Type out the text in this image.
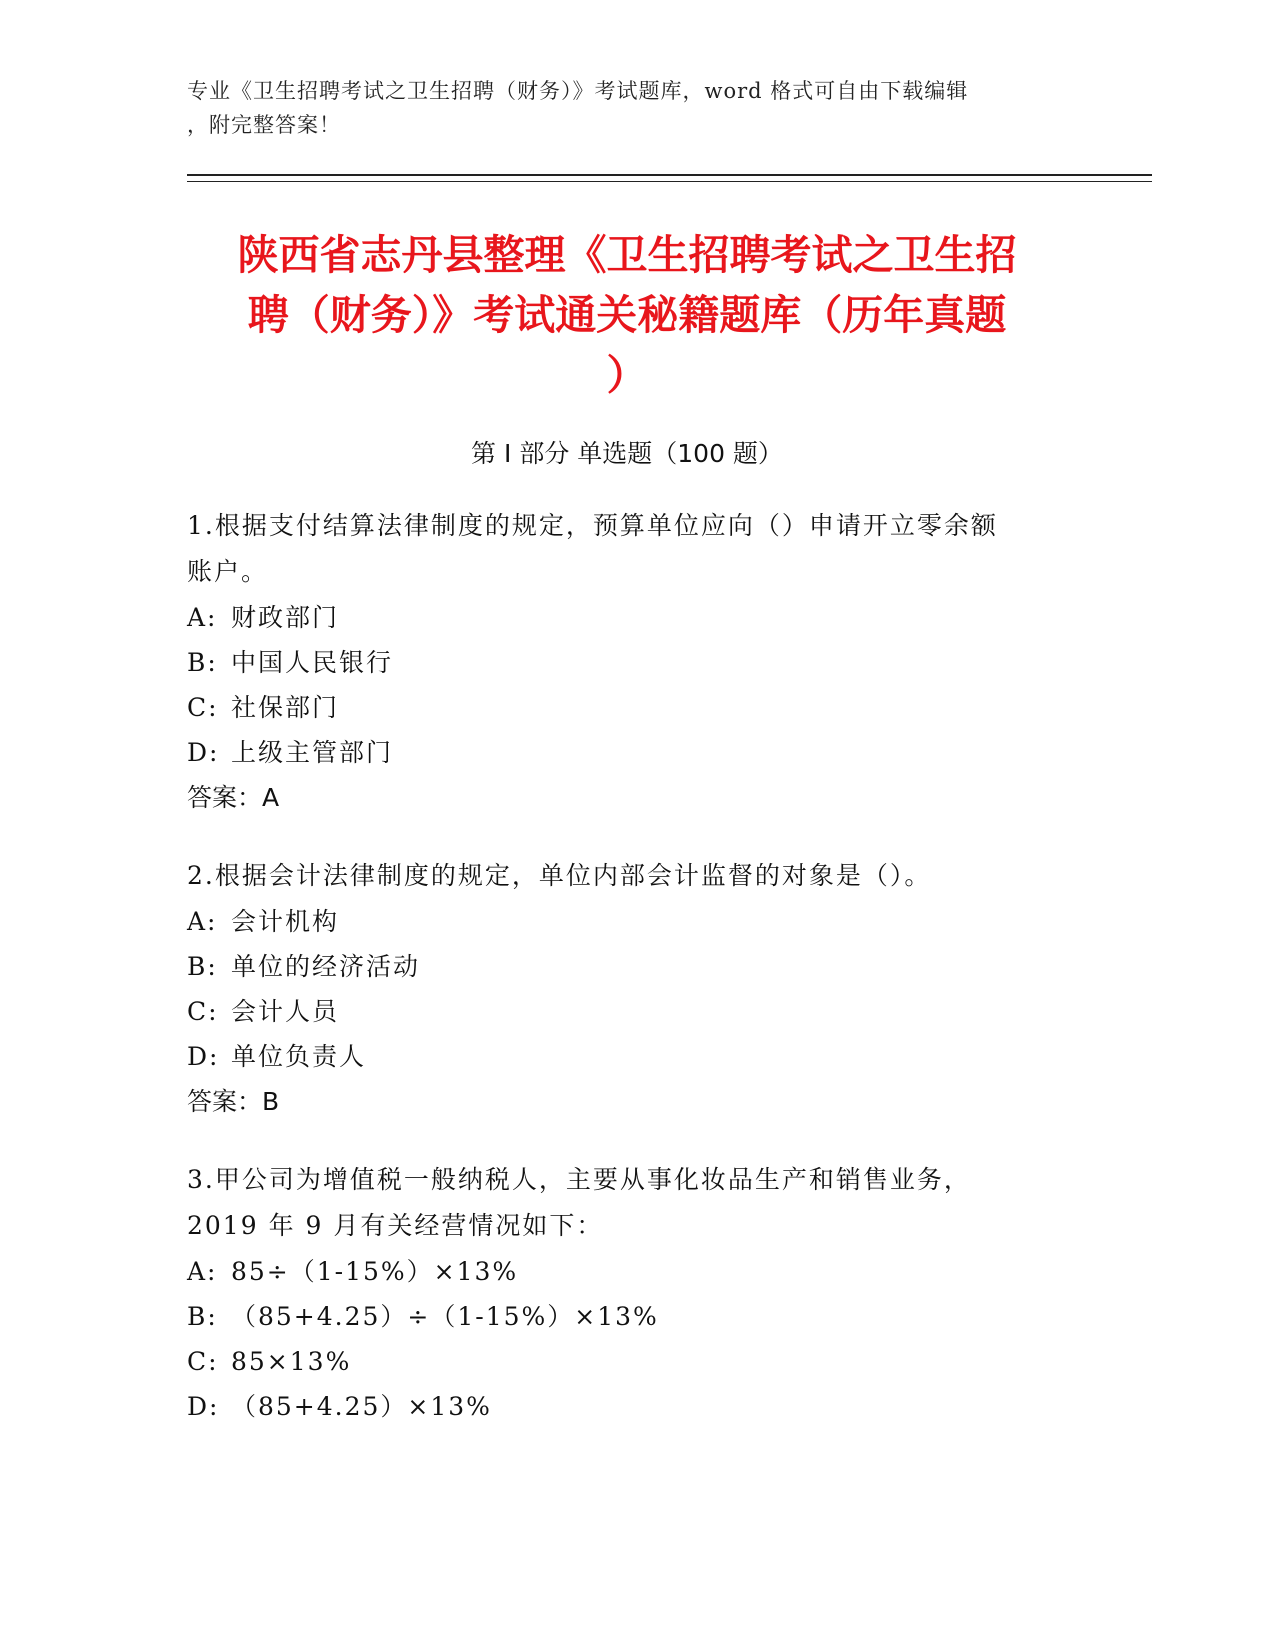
专业《卫生招聘考试之卫生招聘（财务）》考试题库，word 格式可自由下载编辑
，附完整答案！
陕西省志丹县整理《卫生招聘考试之卫生招
聘（财务）》考试通关秘籍题库（历年真题
）
第 I 部分 单选题（100 题）

1.根据支付结算法律制度的规定，预算单位应向（）申请开立零余额
账户。

A: 财政部门

B: 中国人民银行

C: 社保部门

D: 上级主管部门

答案：A

2.根据会计法律制度的规定，单位内部会计监督的对象是（）。

A: 会计机构

B: 单位的经济活动

C: 会计人员

D: 单位负责人

答案：B

3.甲公司为增值税一般纳税人，主要从事化妆品生产和销售业务，
2019 年 9 月有关经营情况如下：

A: 85÷（1-15%）×13%

B: （85+4.25）÷（1-15%）×13%

C: 85×13%

D: （85+4.25）×13%
